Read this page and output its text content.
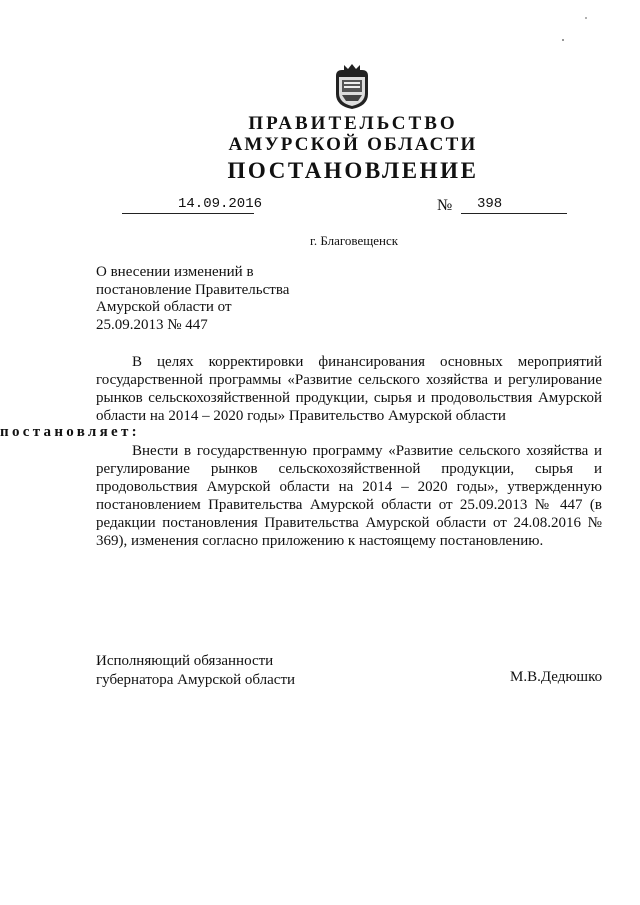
ПРАВИТЕЛЬСТВО
АМУРСКОЙ ОБЛАСТИ
ПОСТАНОВЛЕНИЕ
14.09.2016	№ 398
г. Благовещенск
О внесении изменений в
постановление Правительства
Амурской области от
25.09.2013 № 447
В целях корректировки финансирования основных мероприятий государственной программы «Развитие сельского хозяйства и регулирование рынков сельскохозяйственной продукции, сырья и продовольствия Амурской области на 2014 – 2020 годы» Правительство Амурской области
постановляет:
Внести в государственную программу «Развитие сельского хозяйства и регулирование рынков сельскохозяйственной продукции, сырья и продовольствия Амурской области на 2014 – 2020 годы», утвержденную постановлением Правительства Амурской области от 25.09.2013 № 447 (в редакции постановления Правительства Амурской области от 24.08.2016 № 369), изменения согласно приложению к настоящему постановлению.
Исполняющий обязанности
губернатора Амурской области	М.В.Дедюшко
